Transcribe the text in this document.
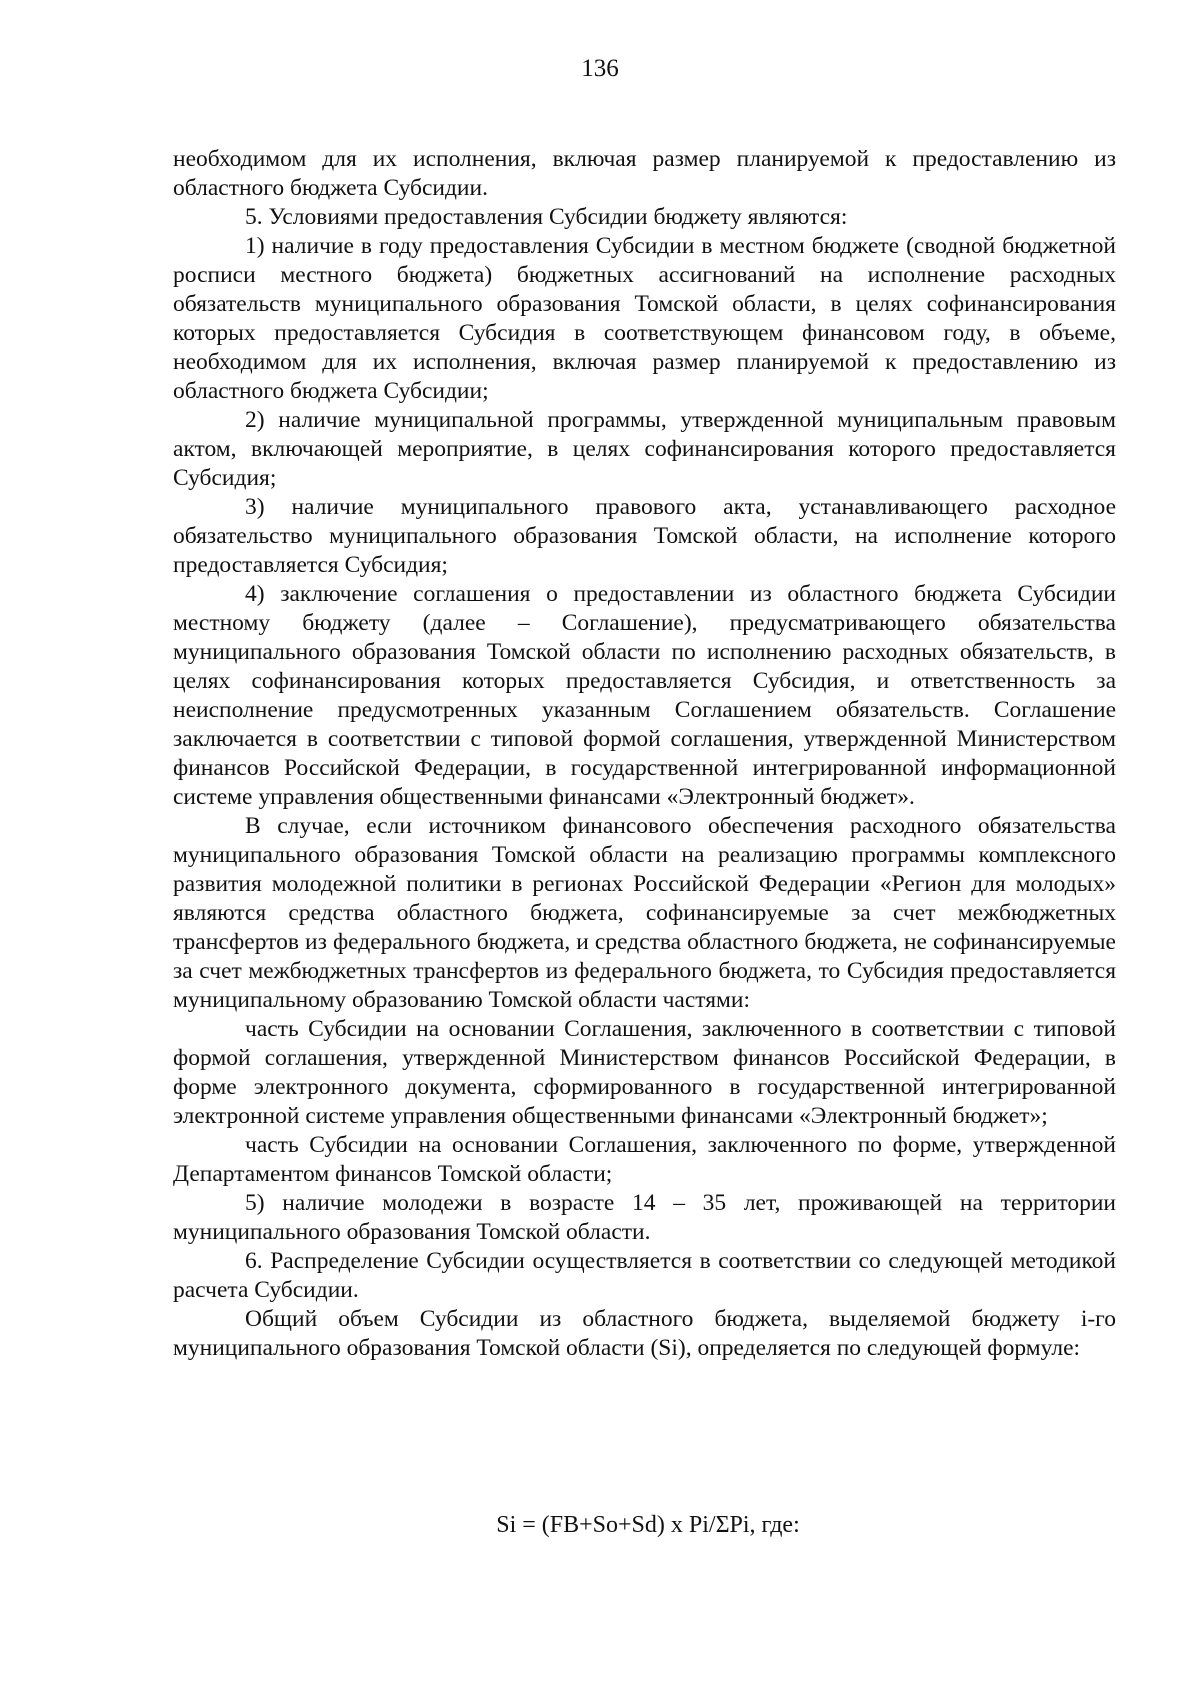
136

необходимом для их исполнения, включая размер планируемой к предоставлению из областного бюджета Субсидии.

5. Условиями предоставления Субсидии бюджету являются:

1) наличие в году предоставления Субсидии в местном бюджете (сводной бюджетной росписи местного бюджета) бюджетных ассигнований на исполнение расходных обязательств муниципального образования Томской области, в целях софинансирования которых предоставляется Субсидия в соответствующем финансовом году, в объеме, необходимом для их исполнения, включая размер планируемой к предоставлению из областного бюджета Субсидии;

2) наличие муниципальной программы, утвержденной муниципальным правовым актом, включающей мероприятие, в целях софинансирования которого предоставляется Субсидия;

3) наличие муниципального правового акта, устанавливающего расходное обязательство муниципального образования Томской области, на исполнение которого предоставляется Субсидия;

4) заключение соглашения о предоставлении из областного бюджета Субсидии местному бюджету (далее – Соглашение), предусматривающего обязательства муниципального образования Томской области по исполнению расходных обязательств, в целях софинансирования которых предоставляется Субсидия, и ответственность за неисполнение предусмотренных указанным Соглашением обязательств. Соглашение заключается в соответствии с типовой формой соглашения, утвержденной Министерством финансов Российской Федерации, в государственной интегрированной информационной системе управления общественными финансами «Электронный бюджет».

В случае, если источником финансового обеспечения расходного обязательства муниципального образования Томской области на реализацию программы комплексного развития молодежной политики в регионах Российской Федерации «Регион для молодых» являются средства областного бюджета, софинансируемые за счет межбюджетных трансфертов из федерального бюджета, и средства областного бюджета, не софинансируемые за счет межбюджетных трансфертов из федерального бюджета, то Субсидия предоставляется муниципальному образованию Томской области частями:

часть Субсидии на основании Соглашения, заключенного в соответствии с типовой формой соглашения, утвержденной Министерством финансов Российской Федерации, в форме электронного документа, сформированного в государственной интегрированной электронной системе управления общественными финансами «Электронный бюджет»;

часть Субсидии на основании Соглашения, заключенного по форме, утвержденной Департаментом финансов Томской области;

5) наличие молодежи в возрасте 14 – 35 лет, проживающей на территории муниципального образования Томской области.

6. Распределение Субсидии осуществляется в соответствии со следующей методикой расчета Субсидии.

Общий объем Субсидии из областного бюджета, выделяемой бюджету i-го муниципального образования Томской области (Si), определяется по следующей формуле:

Si = (FB+So+Sd) x Pi/ΣPi, где:
